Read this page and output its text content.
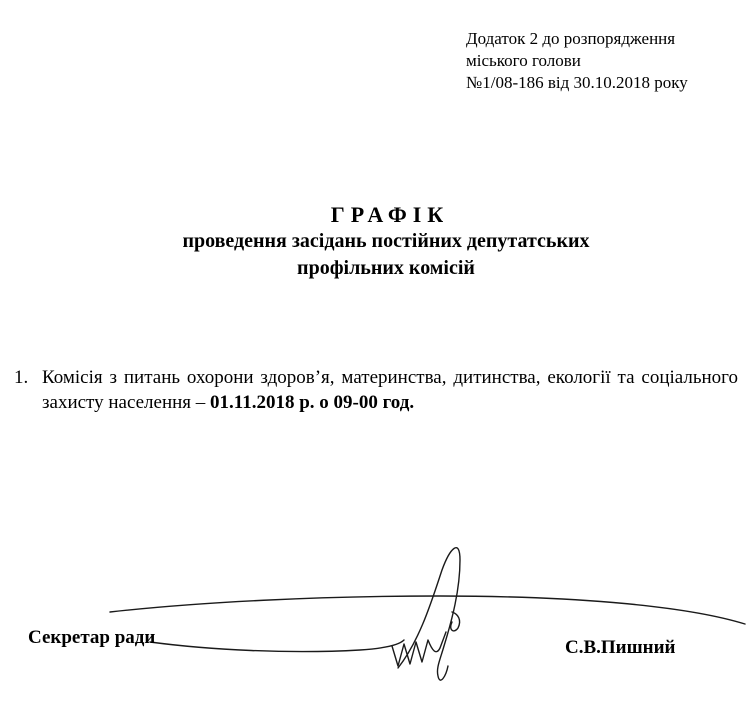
Додаток 2 до розпорядження
міського голови
№1/08-186 від 30.10.2018 року
ГРАФІК
проведення засідань постійних депутатських
профільних комісій
1. Комісія з питань охорони здоров’я, материнства, дитинства, екології та соціального захисту населення – 01.11.2018 р. о 09-00 год.
Секретар ради	С.В.Пишний
